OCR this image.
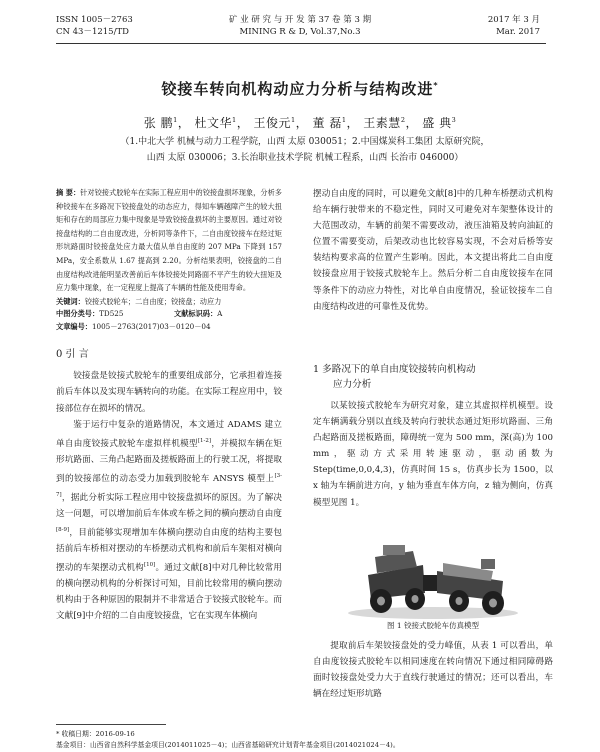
ISSN 1005－2763
CN 43－1215/TD
矿 业 研 究 与 开 发 第 37 卷 第 3 期
MINING R & D, Vol.37,No.3
2017 年 3 月
Mar. 2017
铰接车转向机构动应力分析与结构改进*
张 鹏$^1$， 杜文华$^1$， 王俊元$^1$， 董 磊$^1$， 王素慧$^2$， 盛 典$^3$
（1.中北大学 机械与动力工程学院，山西 太原 030051；2.中国煤炭科工集团 太原研究院，
山西 太原 030006；3.长治职业技术学院 机械工程系，山西 长治市 046000）
摘 要：针对铰接式胶轮车在实际工程应用中的铰接盘损坏现象，分析多种铰接车在多路况下铰接盘处的动态应力，得知车辆越障产生的较大扭矩和存在的局部应力集中现象是导致铰接盘损坏的主要原因。通过对铰接盘结构的二自由度改进，分析同等条件下，二自由度铰接车在经过矩形坑路面时铰接盘处应力最大值从单自由度的 207 MPa 下降到 157 MPa，安全系数从 1.67 提高到 2.20。分析结果表明，铰接盘的二自由度结构改进能明显改善前后车体铰接处同路面不平产生的较大扭矩及应力集中现象，在一定程度上提高了车辆的性能及使用寿命。
关键词：铰接式胶轮车；二自由度；铰接盘；动应力
中图分类号：TD525	文献标识码：A
文章编号：1005－2763(2017)03－0120－04
0 引 言

铰接盘是铰接式胶轮车的重要组成部分，它承担着连接前后车体以及实现车辆转向的功能。在实际工程应用中，铰接部位存在损坏的情况。

鉴于运行中复杂的道路情况，本文通过 ADAMS 建立单自由度铰接式胶轮车虚拟样机模型[1-2]，并模拟车辆在矩形坑路面、三角凸起路面及搓板路面上的行驶工况，将提取到的铰接部位的动态受力加载到胶轮车 ANSYS 模型上[3-7]，据此分析实际工程应用中铰接盘损坏的原因。为了解决这一问题，可以增加前后车体或车桥之间的横向摆动自由度[8-9]，目前能够实现增加车体横向摆动自由度的结构主要包括前后车桥相对摆动的车桥摆动式机构和前后车架相对横向摆动的车架摆动式机构[10]。通过文献[8]中对几种比较常用的横向摆动机构的分析探讨可知，目前比较常用的横向摆动机构由于各种原因的限制并不非常适合于铰接式胶轮车。而文献[9]中介绍的二自由度铰接盘，它在实现车体横向

摆动自由度的同时，可以避免文献[8]中的几种车桥摆动式机构给车辆行驶带来的不稳定性，同时又可避免对车架整体设计的大范围改动，车辆的前架不需要改动，液压油箱及转向油缸的位置不需要变动，后架改动也比较容易实现，不会对后桥等安装结构要求高的位置产生影响。因此，本文提出将此二自由度铰接盘应用于铰接式胶轮车上。然后分析二自由度铰接车在同等条件下的动应力特性，对比单自由度情况，验证铰接车二自由度结构改进的可靠性及优势。

1 多路况下的单自由度铰接转向机构动
应力分析

以某铰接式胶轮车为研究对象，建立其虚拟样机模型。设定车辆满载分别以直线及转向行驶状态通过矩形坑路面、三角凸起路面及搓板路面，障碍统一宽为 500 mm，深(高)为 100 mm，驱动方式采用转速驱动，驱动函数为 Step(time,0,0,4,3)，仿真时间 15 s，仿真步长为 1500，以 x 轴为车辆前进方向，y 轴为垂直车体方向，z 轴为侧向，仿真模型见图 1。

图 1 铰接式胶轮车仿真模型

提取前后车架铰接盘处的受力峰值，从表 1 可以看出，单自由度铰接式胶轮车以相同速度在转向情况下通过相同障碍路面时铰接盘处受力大于直线行驶通过的情况；还可以看出，车辆在经过矩形坑路

* 收稿日期：2016-09-16
基金项目：山西省自然科学基金项目(2014011025－4)；山西省基础研究计划青年基金项目(2014021024－4)。
